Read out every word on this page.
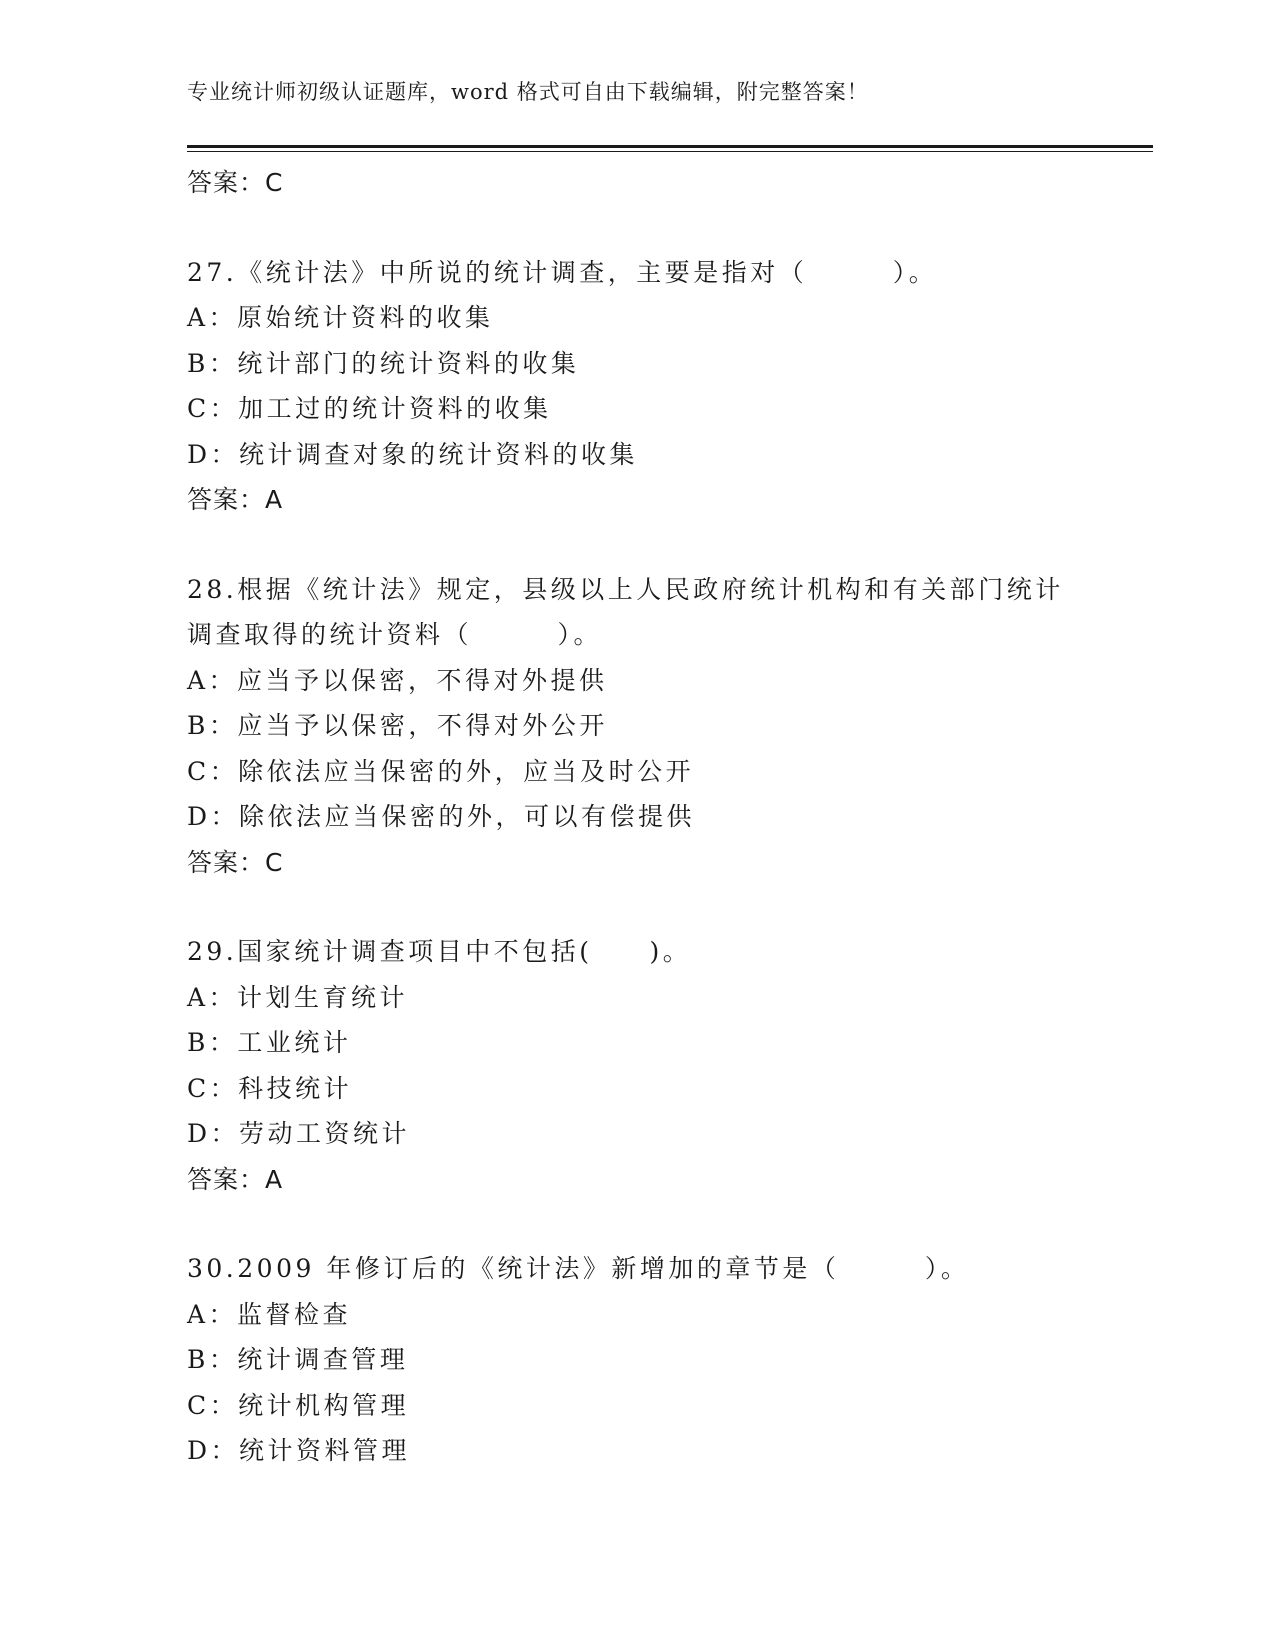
专业统计师初级认证题库，word 格式可自由下载编辑，附完整答案！
答案：C
27.《统计法》中所说的统计调查，主要是指对（　　　）。
A：原始统计资料的收集
B：统计部门的统计资料的收集
C：加工过的统计资料的收集
D：统计调查对象的统计资料的收集
答案：A
28.根据《统计法》规定，县级以上人民政府统计机构和有关部门统计
调查取得的统计资料（　　　）。
A：应当予以保密，不得对外提供
B：应当予以保密，不得对外公开
C：除依法应当保密的外，应当及时公开
D：除依法应当保密的外，可以有偿提供
答案：C
29.国家统计调查项目中不包括(　　)。
A：计划生育统计
B：工业统计
C：科技统计
D：劳动工资统计
答案：A
30.2009 年修订后的《统计法》新增加的章节是（　　　）。
A：监督检查
B：统计调查管理
C：统计机构管理
D：统计资料管理
